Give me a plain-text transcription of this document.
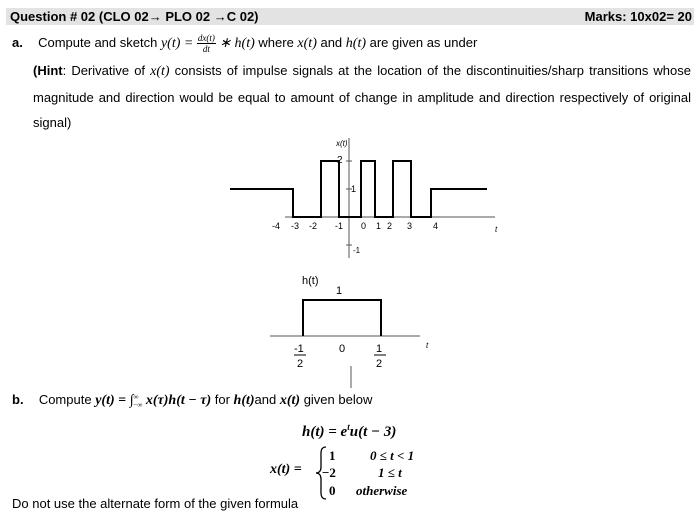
Question # 02 (CLO 02→ PLO 02 →C 02)	Marks: 10x02= 20
a. Compute and sketch $y(t) = \frac{dx(t)}{dt}$ ∗ h(t) where x(t) and h(t) are given as under
(Hint: Derivative of x(t) consists of impulse signals at the location of the discontinuities/sharp transitions whose magnitude and direction would be equal to amount of change in amplitude and direction respectively of original signal)
x(t)
2
1
-1
-4 -3 -2 -1 0 1 2 3 4	t
h(t)
1
-1
2
0	1
2
t
b. Compute y(t) = ∫ ∞
−∞ x(τ)h(t − τ) for h(t)and x(t) given below
$h(t) = e^tu(t - 3)$
x(t) =
1	0 ≤ t < 1
−2	1 ≤ t
0 otherwise
Do not use the alternate form of the given formula
